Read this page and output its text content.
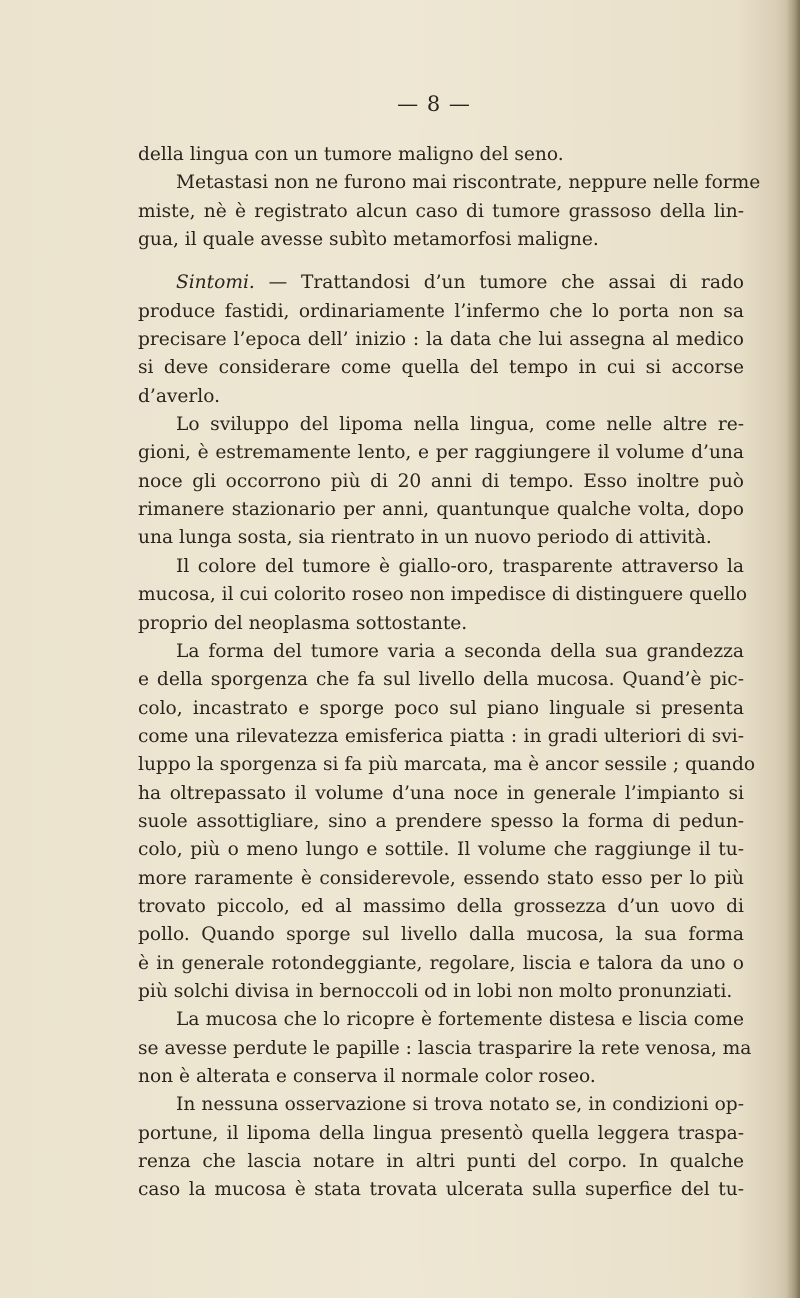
— 8 —
della lingua con un tumore maligno del seno.
Metastasi non ne furono mai riscontrate, neppure nelle forme
miste, nè è registrato alcun caso di tumore grassoso della lin-
gua, il quale avesse subìto metamorfosi maligne.
Sintomi. — Trattandosi d’un tumore che assai di rado
produce fastidi, ordinariamente l’infermo che lo porta non sa
precisare l’epoca dell’ inizio : la data che lui assegna al medico
si deve considerare come quella del tempo in cui si accorse
d’averlo.
Lo sviluppo del lipoma nella lingua, come nelle altre re-
gioni, è estremamente lento, e per raggiungere il volume d’una
noce gli occorrono più di 20 anni di tempo. Esso inoltre può
rimanere stazionario per anni, quantunque qualche volta, dopo
una lunga sosta, sia rientrato in un nuovo periodo di attività.
Il colore del tumore è giallo-oro, trasparente attraverso la
mucosa, il cui colorito roseo non impedisce di distinguere quello
proprio del neoplasma sottostante.
La forma del tumore varia a seconda della sua grandezza
e della sporgenza che fa sul livello della mucosa. Quand’è pic-
colo, incastrato e sporge poco sul piano linguale si presenta
come una rilevatezza emisferica piatta : in gradi ulteriori di svi-
luppo la sporgenza si fa più marcata, ma è ancor sessile ; quando
ha oltrepassato il volume d’una noce in generale l’impianto si
suole assottigliare, sino a prendere spesso la forma di pedun-
colo, più o meno lungo e sottile. Il volume che raggiunge il tu-
more raramente è considerevole, essendo stato esso per lo più
trovato piccolo, ed al massimo della grossezza d’un uovo di
pollo. Quando sporge sul livello dalla mucosa, la sua forma
è in generale rotondeggiante, regolare, liscia e talora da uno o
più solchi divisa in bernoccoli od in lobi non molto pronunziati.
La mucosa che lo ricopre è fortemente distesa e liscia come
se avesse perdute le papille : lascia trasparire la rete venosa, ma
non è alterata e conserva il normale color roseo.
In nessuna osservazione si trova notato se, in condizioni op-
portune, il lipoma della lingua presentò quella leggera traspa-
renza che lascia notare in altri punti del corpo. In qualche
caso la mucosa è stata trovata ulcerata sulla superfice del tu-
